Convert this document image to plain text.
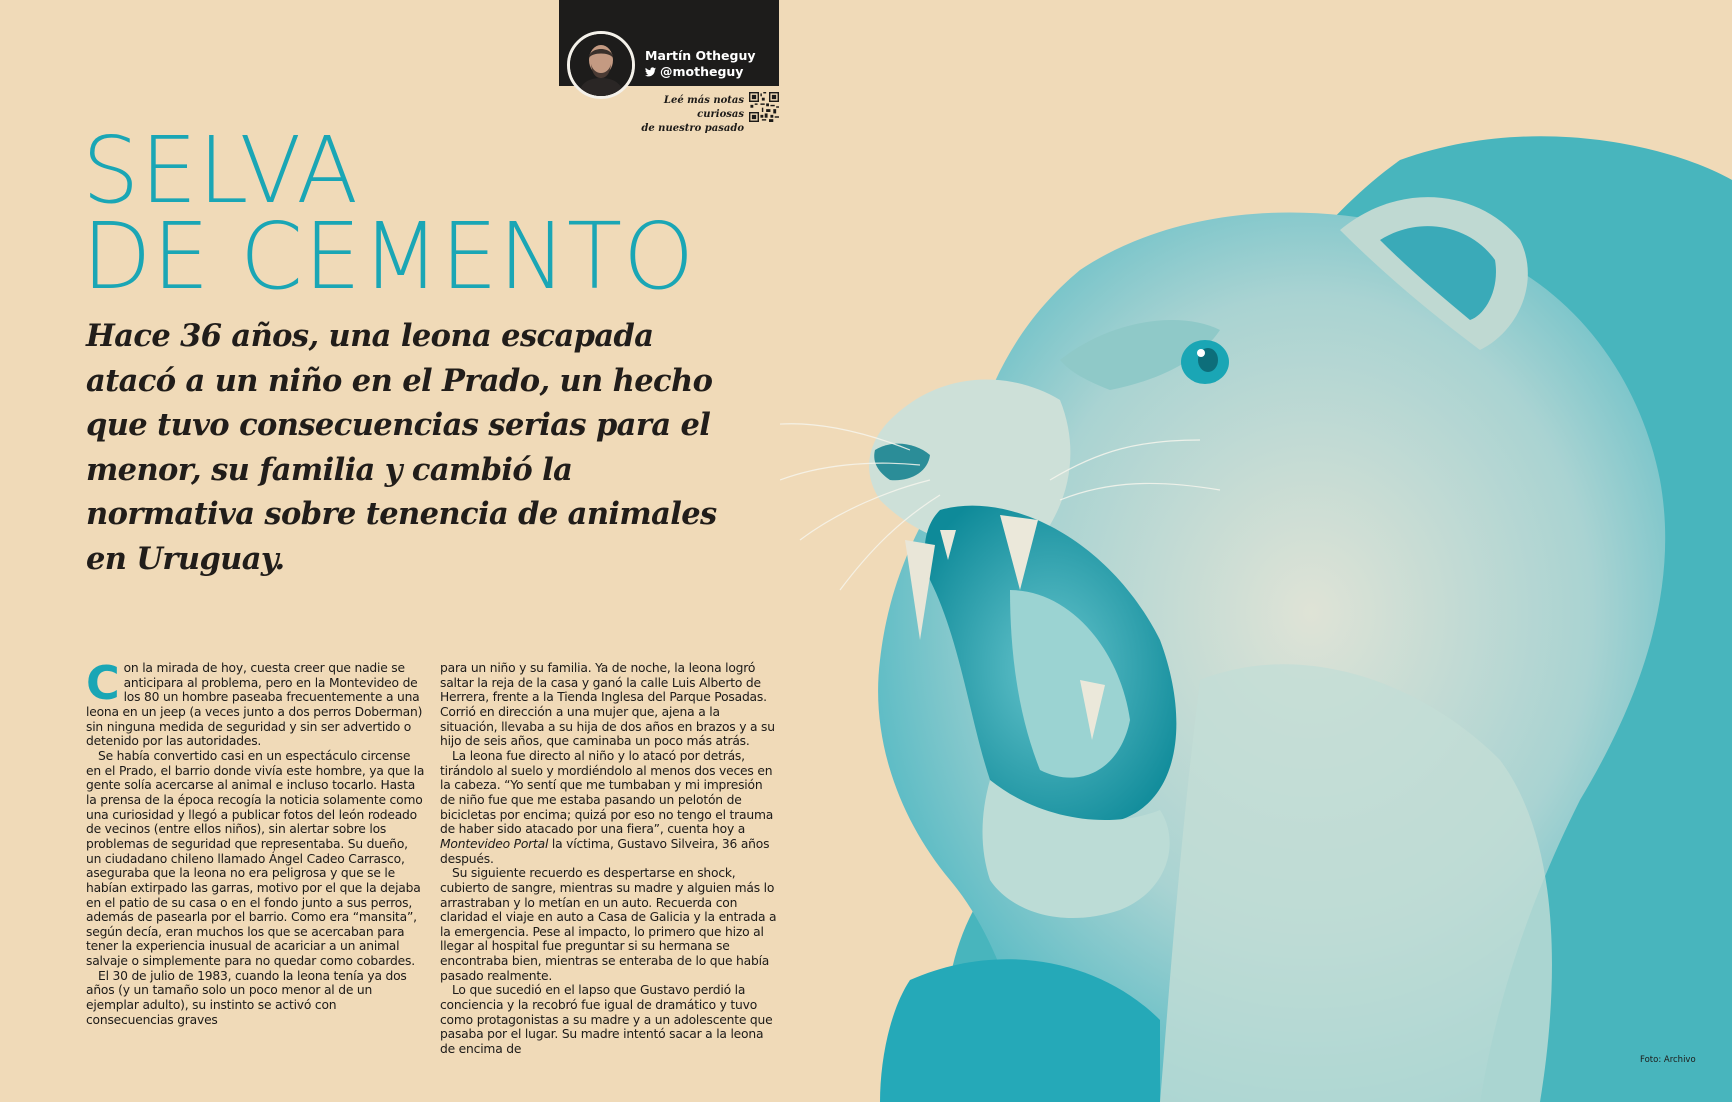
Martín Otheguy
@motheguy
Leé más notas curiosas
de nuestro pasado
SELVA
DE CEMENTO

Hace 36 años, una leona escapada atacó a un niño en el Prado, un hecho que tuvo consecuencias serias para el menor, su familia y cambió la normativa sobre tenencia de animales en Uruguay.

Con la mirada de hoy, cuesta creer que nadie se anticipara al problema, pero en la Montevideo de los 80 un hombre paseaba frecuentemente a una leona en un jeep (a veces junto a dos perros Doberman) sin ninguna medida de seguridad y sin ser advertido o detenido por las autoridades.

Se había convertido casi en un espectáculo circense en el Prado, el barrio donde vivía este hombre, ya que la gente solía acercarse al animal e incluso tocarlo. Hasta la prensa de la época recogía la noticia solamente como una curiosidad y llegó a publicar fotos del león rodeado de vecinos (entre ellos niños), sin alertar sobre los problemas de seguridad que representaba. Su dueño, un ciudadano chileno llamado Ángel Cadeo Carrasco, aseguraba que la leona no era peligrosa y que se le habían extirpado las garras, motivo por el que la dejaba en el patio de su casa o en el fondo junto a sus perros, además de pasearla por el barrio. Como era “mansita”, según decía, eran muchos los que se acercaban para tener la experiencia inusual de acariciar a un animal salvaje o simplemente para no quedar como cobardes.

El 30 de julio de 1983, cuando la leona tenía ya dos años (y un tamaño solo un poco menor al de un ejemplar adulto), su instinto se activó con consecuencias graves

para un niño y su familia. Ya de noche, la leona logró saltar la reja de la casa y ganó la calle Luis Alberto de Herrera, frente a la Tienda Inglesa del Parque Posadas. Corrió en dirección a una mujer que, ajena a la situación, llevaba a su hija de dos años en brazos y a su hijo de seis años, que caminaba un poco más atrás.

La leona fue directo al niño y lo atacó por detrás, tirándolo al suelo y mordiéndolo al menos dos veces en la cabeza. “Yo sentí que me tumbaban y mi impresión de niño fue que me estaba pasando un pelotón de bicicletas por encima; quizá por eso no tengo el trauma de haber sido atacado por una fiera”, cuenta hoy a Montevideo Portal la víctima, Gustavo Silveira, 36 años después.

Su siguiente recuerdo es despertarse en shock, cubierto de sangre, mientras su madre y alguien más lo arrastraban y lo metían en un auto. Recuerda con claridad el viaje en auto a Casa de Galicia y la entrada a la emergencia. Pese al impacto, lo primero que hizo al llegar al hospital fue preguntar si su hermana se encontraba bien, mientras se enteraba de lo que había pasado realmente.

Lo que sucedió en el lapso que Gustavo perdió la conciencia y la recobró fue igual de dramático y tuvo como protagonistas a su madre y a un adolescente que pasaba por el lugar. Su madre intentó sacar a la leona de encima de

Foto: Archivo
